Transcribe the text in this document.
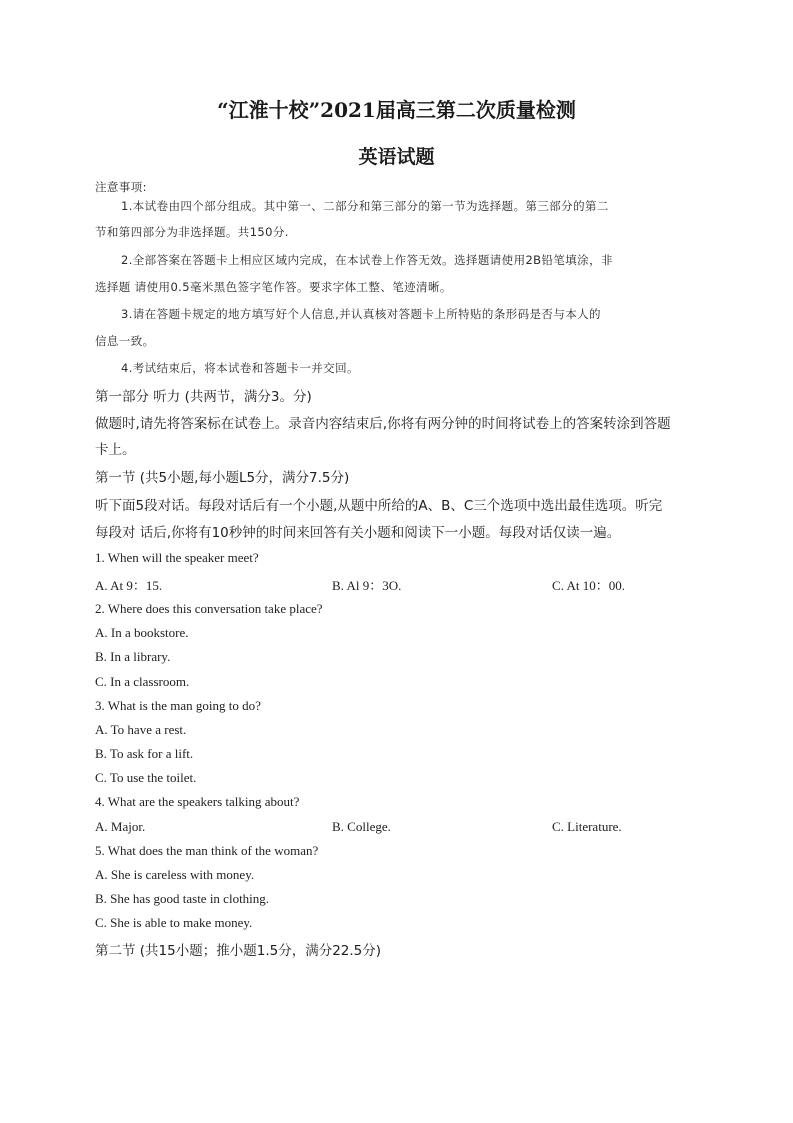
“江淮十校”2021届高三第二次质量检测
英语试题
注意事项:
1.本试卷由四个部分组成。其中第一、二部分和第三部分的第一节为选择题。第三部分的第二
节和第四部分为非选择题。共150分.
2.全部答案在答题卡上相应区域内完成，在本试卷上作答无效。选择题请使用2B铅笔填涂，非
选择题 请使用0.5毫米黑色签字笔作答。要求字体工整、笔迹清晰。
3.请在答题卡规定的地方填写好个人信息,并认真核对答题卡上所特贴的条形码是否与本人的
信息一致。
4.考试结束后，将本试卷和答题卡一并交回。
第一部分 听力 (共两节，满分3。分)
做题时,请先将答案标在试卷上。录音内容结束后,你将有两分钟的时间将试卷上的答案转涂到答题
卡上。
第一节 (共5小题,每小题L5分，满分7.5分)
听下面5段对话。每段对话后有一个小题,从题中所给的A、B、C三个选项中选出最佳选项。听完
每段对 话后,你将有10秒钟的时间来回答有关小题和阅读下一小题。每段对话仅读一遍。
1. When will the speaker meet?
A. At 9：15.	B. Al 9：3O.	C. At 10：00.
2. Where does this conversation take place?
A. In a bookstore.
B. In a library.
C. In a classroom.
3. What is the man going to do?
A. To have a rest.
B. To ask for a lift.
C. To use the toilet.
4. What are the speakers talking about?
A. Major.	B. College.	C. Literature.
5. What does the man think of the woman?
A. She is careless with money.
B. She has good taste in clothing.
C. She is able to make money.
第二节 (共15小题；推小题1.5分，满分22.5分)
